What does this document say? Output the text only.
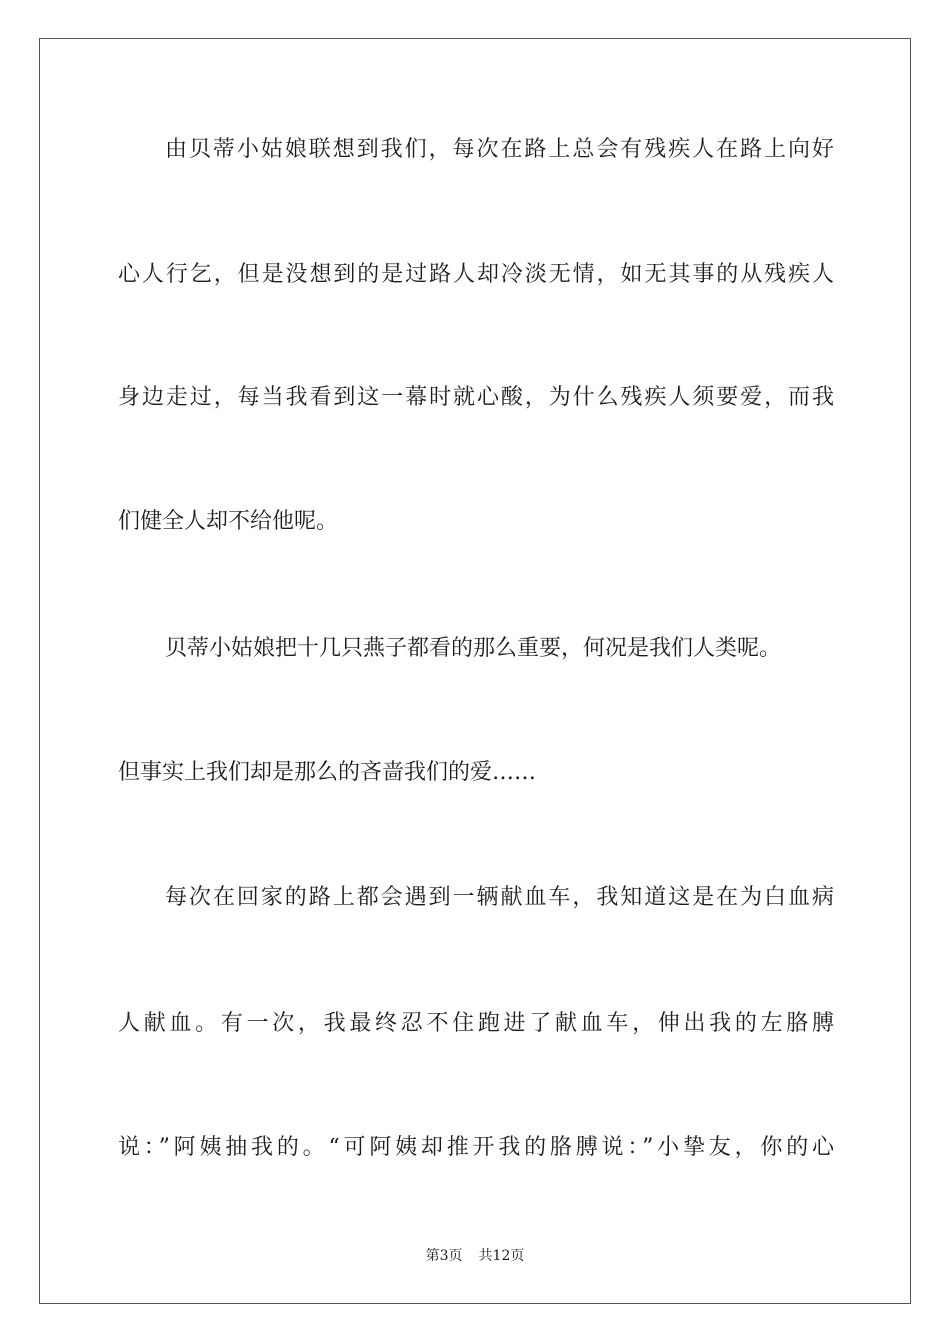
由贝蒂小姑娘联想到我们，每次在路上总会有残疾人在路上向好
心人行乞，但是没想到的是过路人却冷淡无情，如无其事的从残疾人
身边走过，每当我看到这一幕时就心酸，为什么残疾人须要爱，而我
们健全人却不给他呢。
贝蒂小姑娘把十几只燕子都看的那么重要，何况是我们人类呢。
但事实上我们却是那么的吝啬我们的爱……
每次在回家的路上都会遇到一辆献血车，我知道这是在为白血病
人献血。有一次，我最终忍不住跑进了献血车，伸出我的左胳膊
说：”阿姨抽我的。“可阿姨却推开我的胳膊说：”小挚友，你的心
第3页 共12页
